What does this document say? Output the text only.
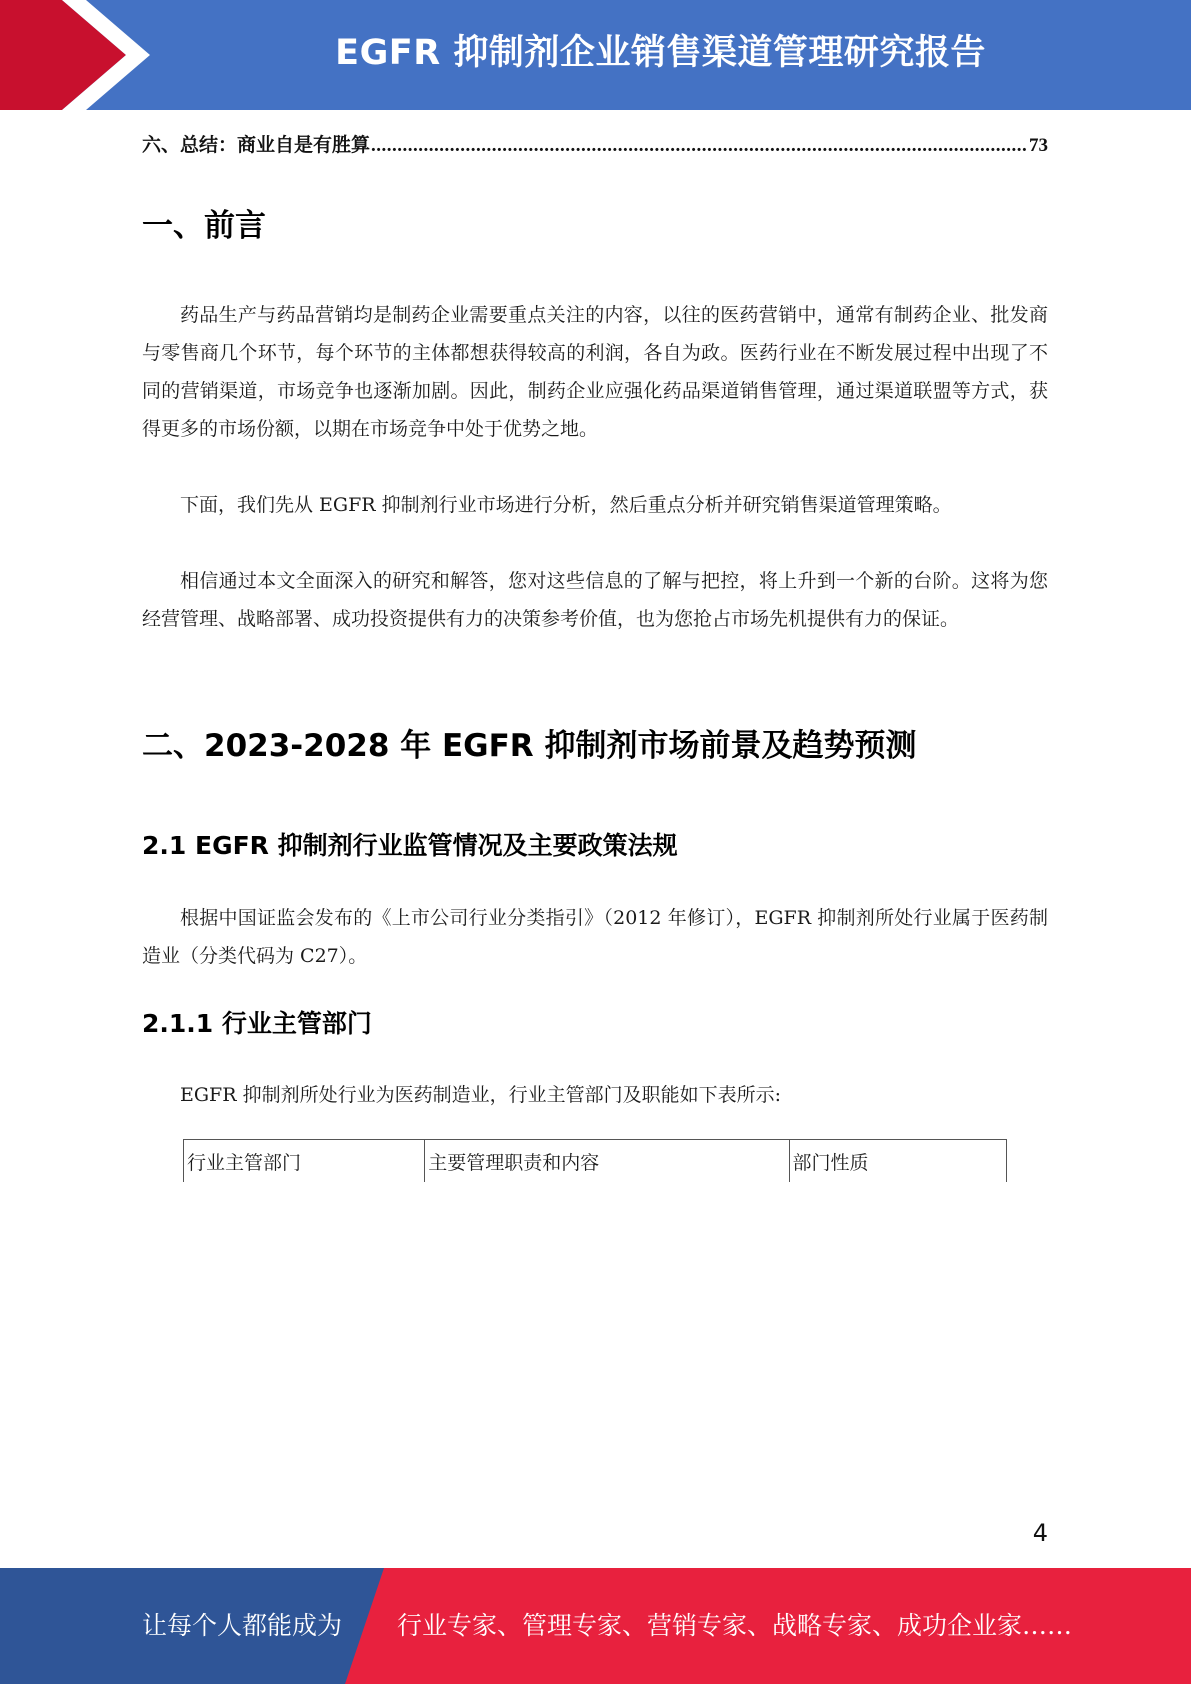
EGFR 抑制剂企业销售渠道管理研究报告
六、总结：商业自是有胜算
.....	73
一、前言

药品生产与药品营销均是制药企业需要重点关注的内容，以往的医药营销中，通常有制药企业、批发商与零售商几个环节，每个环节的主体都想获得较高的利润，各自为政。医药行业在不断发展过程中出现了不同的营销渠道，市场竞争也逐渐加剧。因此，制药企业应强化药品渠道销售管理，通过渠道联盟等方式，获得更多的市场份额，以期在市场竞争中处于优势之地。

下面，我们先从 EGFR 抑制剂行业市场进行分析，然后重点分析并研究销售渠道管理策略。

相信通过本文全面深入的研究和解答，您对这些信息的了解与把控，将上升到一个新的台阶。这将为您经营管理、战略部署、成功投资提供有力的决策参考价值，也为您抢占市场先机提供有力的保证。

二、2023-2028 年 EGFR 抑制剂市场前景及趋势预测
2.1 EGFR 抑制剂行业监管情况及主要政策法规

根据中国证监会发布的《上市公司行业分类指引》（2012 年修订），EGFR 抑制剂所处行业属于医药制造业（分类代码为 C27）。

2.1.1 行业主管部门

EGFR 抑制剂所处行业为医药制造业，行业主管部门及职能如下表所示:

行业主管部门	主要管理职责和内容	部门性质
4
让每个人都能成为 行业专家、管理专家、营销专家、战略专家、成功企业家……
